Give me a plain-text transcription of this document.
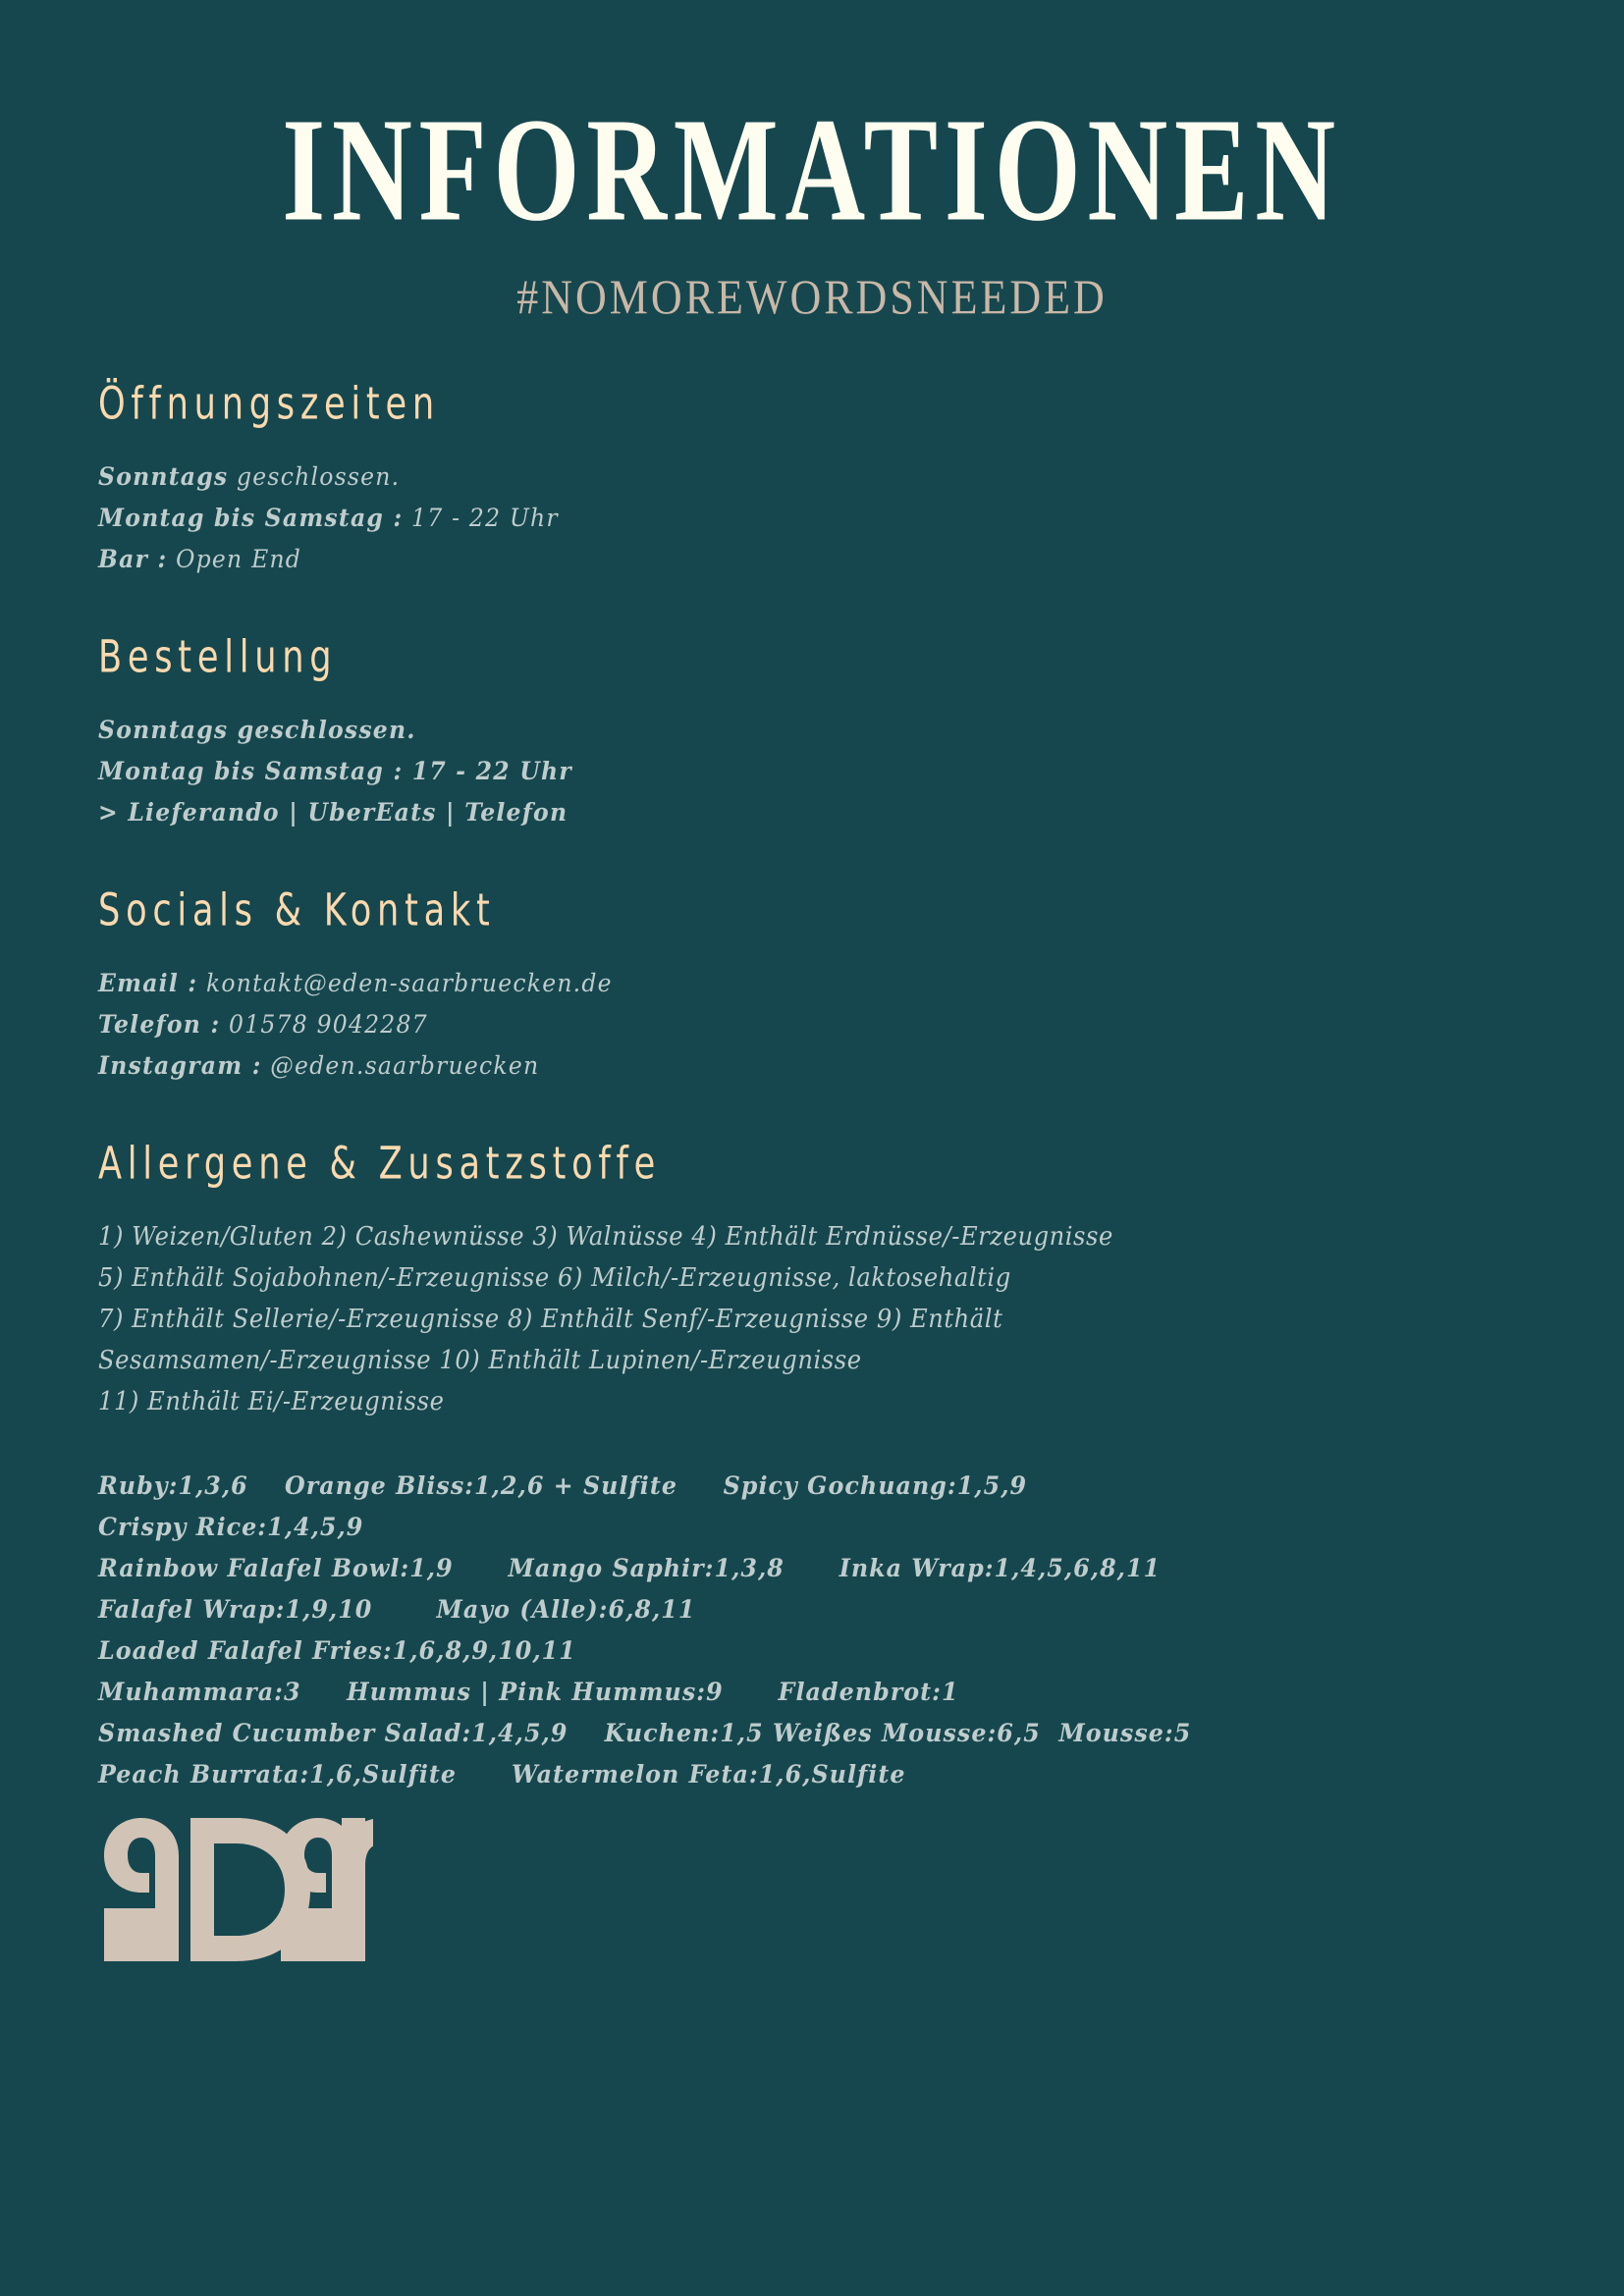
INFORMATIONEN
#NOMOREWORDSNEEDED
Öffnungszeiten
Sonntags geschlossen.
Montag bis Samstag : 17 - 22 Uhr
Bar : Open End
Bestellung
Sonntags geschlossen.
Montag bis Samstag : 17 - 22 Uhr
> Lieferando | UberEats | Telefon
Socials & Kontakt
Email : kontakt@eden-saarbruecken.de
Telefon : 01578 9042287
Instagram : @eden.saarbruecken
Allergene & Zusatzstoffe
1) Weizen/Gluten 2) Cashewnüsse 3) Walnüsse 4) Enthält Erdnüsse/-Erzeugnisse
5) Enthält Sojabohnen/-Erzeugnisse 6) Milch/-Erzeugnisse, laktosehaltig
7) Enthält Sellerie/-Erzeugnisse 8) Enthält Senf/-Erzeugnisse 9) Enthält
Sesamsamen/-Erzeugnisse 10) Enthält Lupinen/-Erzeugnisse
11) Enthält Ei/-Erzeugnisse
Ruby:1,3,6    Orange Bliss:1,2,6 + Sulfite     Spicy Gochuang:1,5,9
Crispy Rice:1,4,5,9
Rainbow Falafel Bowl:1,9      Mango Saphir:1,3,8      Inka Wrap:1,4,5,6,8,11
Falafel Wrap:1,9,10       Mayo (Alle):6,8,11
Loaded Falafel Fries:1,6,8,9,10,11
Muhammara:3     Hummus | Pink Hummus:9      Fladenbrot:1
Smashed Cucumber Salad:1,4,5,9    Kuchen:1,5 Weißes Mousse:6,5  Mousse:5
Peach Burrata:1,6,Sulfite      Watermelon Feta:1,6,Sulfite
